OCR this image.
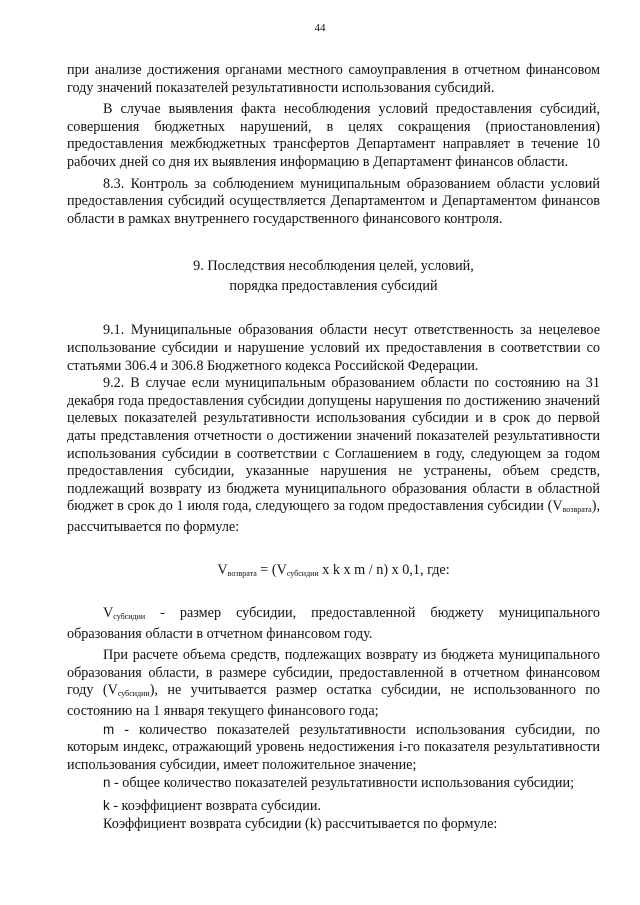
44

при анализе достижения органами местного самоуправления в отчетном финансовом году значений показателей результативности использования субсидий.

В случае выявления факта несоблюдения условий предоставления субсидий, совершения бюджетных нарушений, в целях сокращения (приостановления) предоставления межбюджетных трансфертов Департамент направляет в течение 10 рабочих дней со дня их выявления информацию в Департамент финансов области.

8.3. Контроль за соблюдением муниципальным образованием области условий предоставления субсидий осуществляется Департаментом и Департаментом финансов области в рамках внутреннего государственного финансового контроля.

9. Последствия несоблюдения целей, условий,
порядка предоставления субсидий

9.1. Муниципальные образования области несут ответственность за нецелевое использование субсидии и нарушение условий их предоставления в соответствии со статьями 306.4 и 306.8 Бюджетного кодекса Российской Федерации.

9.2. В случае если муниципальным образованием области по состоянию на 31 декабря года предоставления субсидии допущены нарушения по достижению значений целевых показателей результативности использования субсидии и в срок до первой даты представления отчетности о достижении значений показателей результативности использования субсидии в соответствии с Соглашением в году, следующем за годом предоставления субсидии, указанные нарушения не устранены, объем средств, подлежащий возврату из бюджета муниципального образования области в областной бюджет в срок до 1 июля года, следующего за годом предоставления субсидии $(V_{возврата})$, рассчитывается по формуле:

$V_{возврата} = (V_{субсидии}$ x k x m / n) x 0,1, где:

$V_{субсидии}$ - размер субсидии, предоставленной бюджету муниципального образования области в отчетном финансовом году.

При расчете объема средств, подлежащих возврату из бюджета муниципального образования области, в размере субсидии, предоставленной в отчетном финансовом году $(V_{субсидии})$, не учитывается размер остатка субсидии, не использованного по состоянию на 1 января текущего финансового года;

m - количество показателей результативности использования субсидии, по которым индекс, отражающий уровень недостижения i-го показателя результативности использования субсидии, имеет положительное значение;

n - общее количество показателей результативности использования субсидии;

k - коэффициент возврата субсидии.

Коэффициент возврата субсидии (k) рассчитывается по формуле:
